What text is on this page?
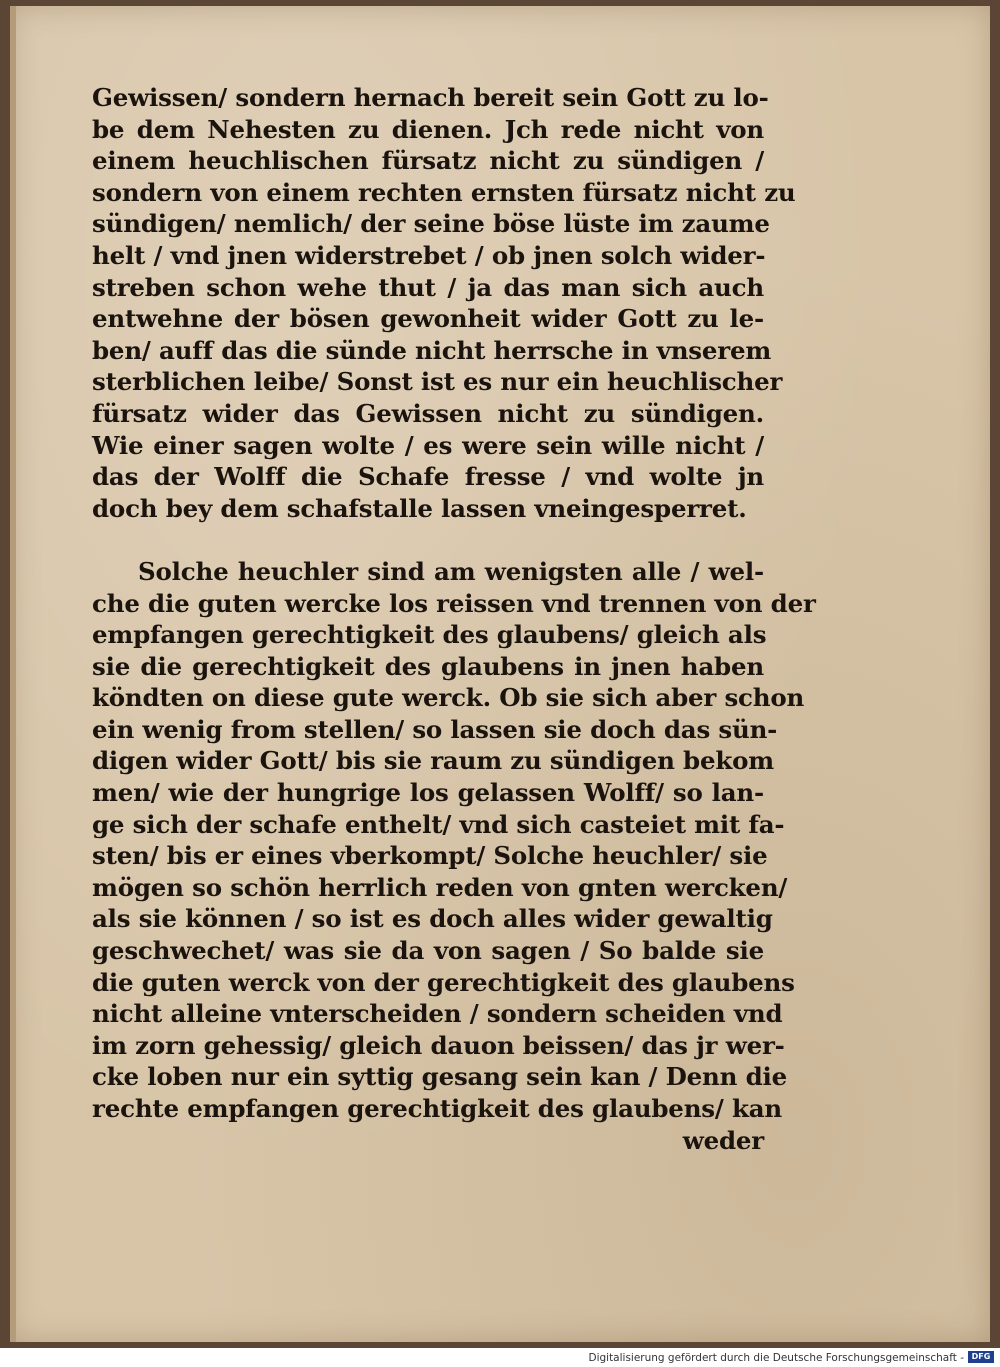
Gewissen/ sondern hernach bereit sein Gott zu lo-
be dem Nehesten zu dienen. Jch rede nicht von
einem heuchlischen fürsatz nicht zu sündigen /
sondern von einem rechten ernsten fürsatz nicht zu
sündigen/ nemlich/ der seine böse lüste im zaume
helt / vnd jnen widerstrebet / ob jnen solch wider-
streben schon wehe thut / ja das man sich auch
entwehne der bösen gewonheit wider Gott zu le-
ben/ auff das die sünde nicht herrsche in vnserem
sterblichen leibe/ Sonst ist es nur ein heuchlischer
fürsatz wider das Gewissen nicht zu sündigen.
Wie einer sagen wolte / es were sein wille nicht /
das der Wolff die Schafe fresse / vnd wolte jn
doch bey dem schafstalle lassen vneingesperret.
Solche heuchler sind am wenigsten alle / wel-
che die guten wercke los reissen vnd trennen von der
empfangen gerechtigkeit des glaubens/ gleich als
sie die gerechtigkeit des glaubens in jnen haben
köndten on diese gute werck. Ob sie sich aber schon
ein wenig from stellen/ so lassen sie doch das sün-
digen wider Gott/ bis sie raum zu sündigen bekom
men/ wie der hungrige los gelassen Wolff/ so lan-
ge sich der schafe enthelt/ vnd sich casteiet mit fa-
sten/ bis er eines vberkompt/ Solche heuchler/ sie
mögen so schön herrlich reden von gnten wercken/
als sie können / so ist es doch alles wider gewaltig
geschwechet/ was sie da von sagen / So balde sie
die guten werck von der gerechtigkeit des glaubens
nicht alleine vnterscheiden / sondern scheiden vnd
im zorn gehessig/ gleich dauon beissen/ das jr wer-
cke loben nur ein syttig gesang sein kan / Denn die
rechte empfangen gerechtigkeit des glaubens/ kan
weder
Digitalisierung gefördert durch die Deutsche Forschungsgemeinschaft - DFG
